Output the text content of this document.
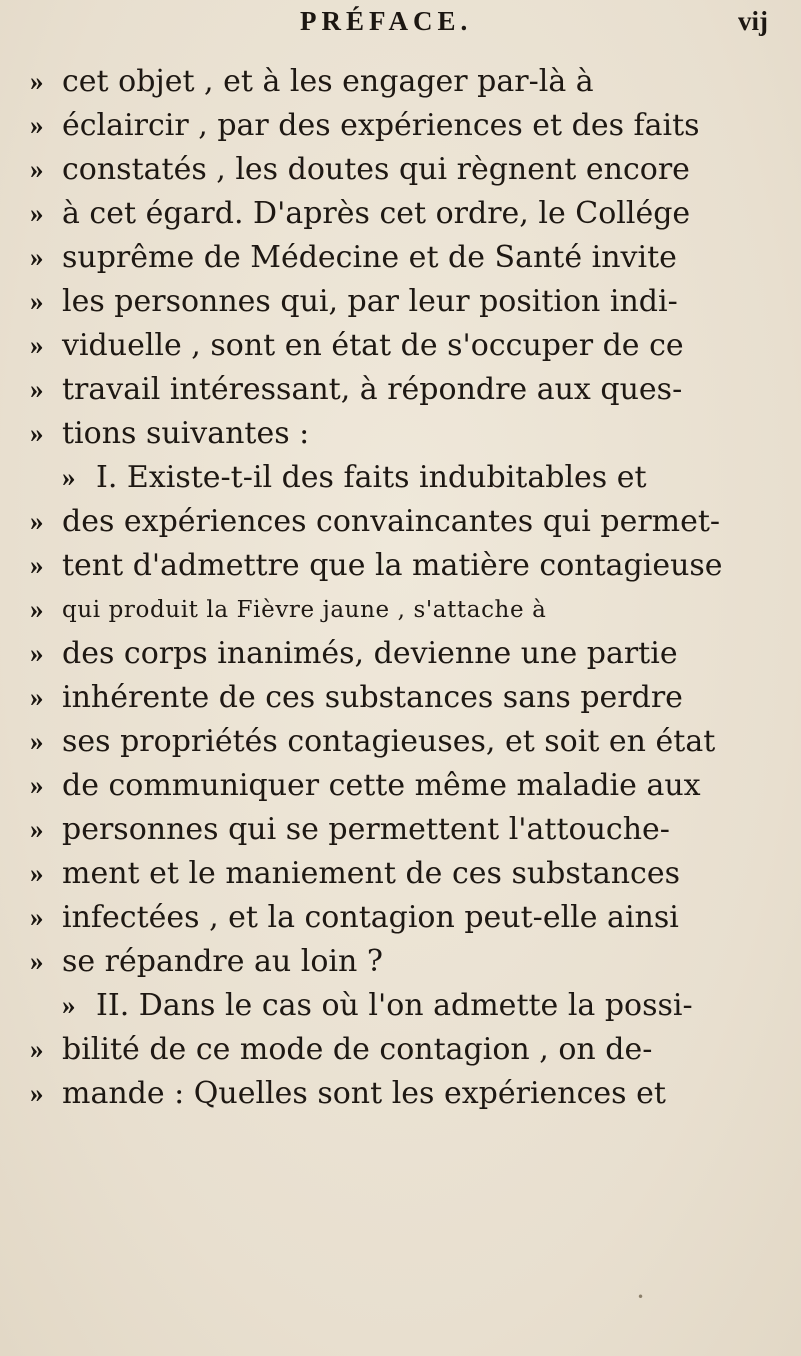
PRÉFACE.	vij
» cet objet , et à les engager par-là à
» éclaircir , par des expériences et des faits
» constatés , les doutes qui règnent encore
» à cet égard. D'après cet ordre, le Collége
» suprême de Médecine et de Santé invite
» les personnes qui, par leur position indi-
» viduelle , sont en état de s'occuper de ce
» travail intéressant, à répondre aux ques-
» tions suivantes :
» I. Existe-t-il des faits indubitables et
» des expériences convaincantes qui permet-
» tent d'admettre que la matière contagieuse
» qui produit la Fièvre jaune , s'attache à
» des corps inanimés, devienne une partie
» inhérente de ces substances sans perdre
» ses propriétés contagieuses, et soit en état
» de communiquer cette même maladie aux
» personnes qui se permettent l'attouche-
» ment et le maniement de ces substances
» infectées , et la contagion peut-elle ainsi
» se répandre au loin ?
» II. Dans le cas où l'on admette la possi-
» bilité de ce mode de contagion , on de-
» mande : Quelles sont les expériences et
•
